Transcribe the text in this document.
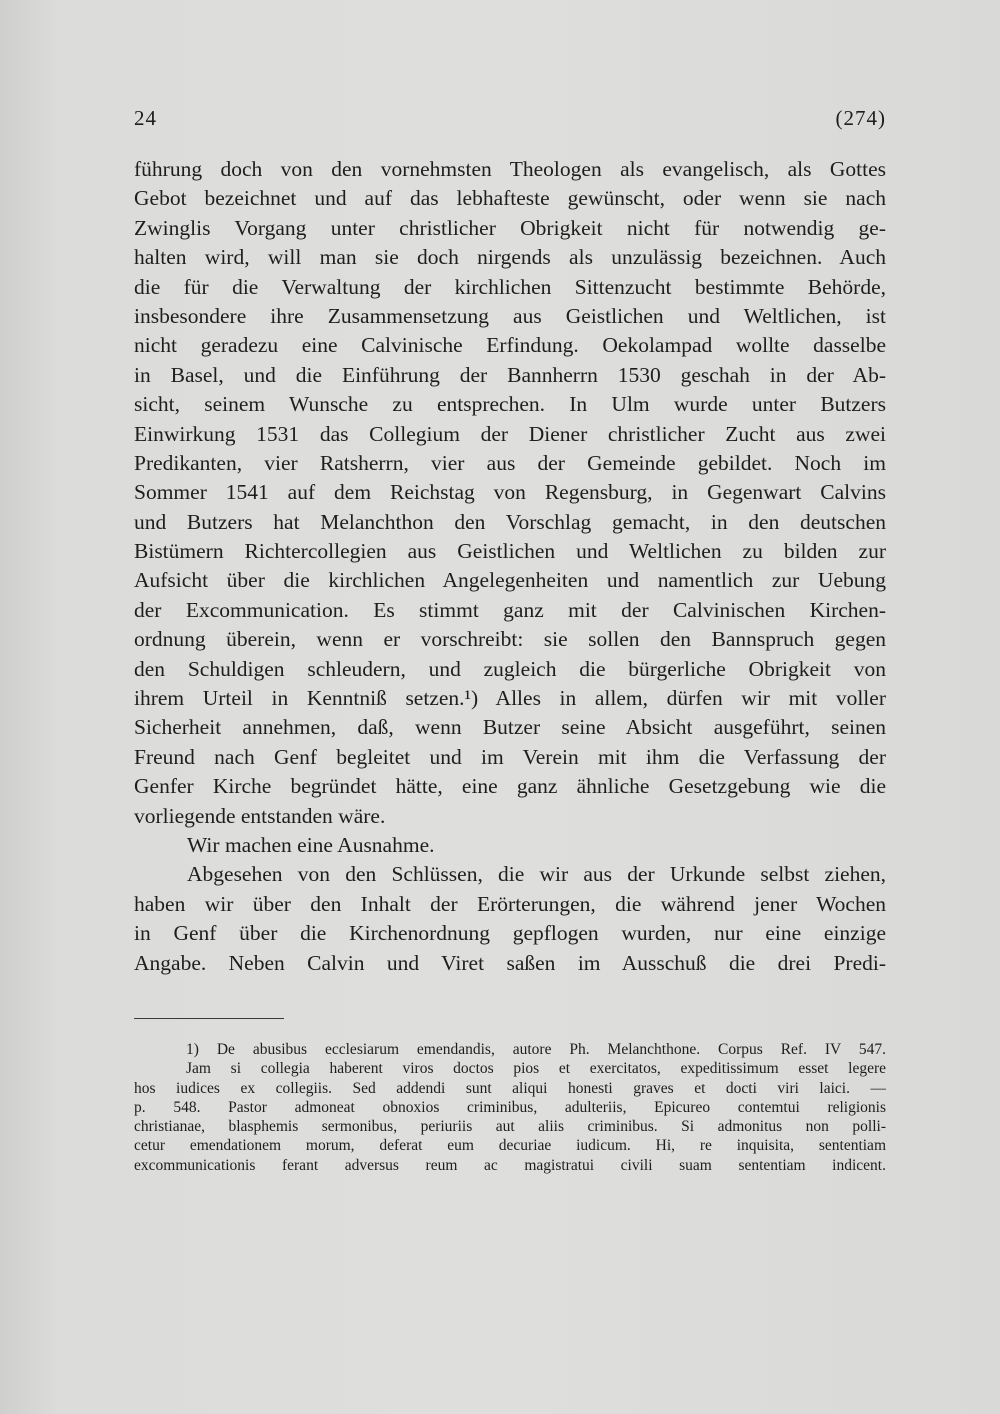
24	(274)
führung doch von den vornehmsten Theologen als evangelisch, als Gottes
Gebot bezeichnet und auf das lebhafteste gewünscht, oder wenn sie nach
Zwinglis Vorgang unter christlicher Obrigkeit nicht für notwendig ge-
halten wird, will man sie doch nirgends als unzulässig bezeichnen. Auch
die für die Verwaltung der kirchlichen Sittenzucht bestimmte Behörde,
insbesondere ihre Zusammensetzung aus Geistlichen und Weltlichen, ist
nicht geradezu eine Calvinische Erfindung. Oekolampad wollte dasselbe
in Basel, und die Einführung der Bannherrn 1530 geschah in der Ab-
sicht, seinem Wunsche zu entsprechen. In Ulm wurde unter Butzers
Einwirkung 1531 das Collegium der Diener christlicher Zucht aus zwei
Predikanten, vier Ratsherrn, vier aus der Gemeinde gebildet. Noch im
Sommer 1541 auf dem Reichstag von Regensburg, in Gegenwart Calvins
und Butzers hat Melanchthon den Vorschlag gemacht, in den deutschen
Bistümern Richtercollegien aus Geistlichen und Weltlichen zu bilden zur
Aufsicht über die kirchlichen Angelegenheiten und namentlich zur Uebung
der Excommunication. Es stimmt ganz mit der Calvinischen Kirchen-
ordnung überein, wenn er vorschreibt: sie sollen den Bannspruch gegen
den Schuldigen schleudern, und zugleich die bürgerliche Obrigkeit von
ihrem Urteil in Kenntniß setzen.¹) Alles in allem, dürfen wir mit voller
Sicherheit annehmen, daß, wenn Butzer seine Absicht ausgeführt, seinen
Freund nach Genf begleitet und im Verein mit ihm die Verfassung der
Genfer Kirche begründet hätte, eine ganz ähnliche Gesetzgebung wie die
vorliegende entstanden wäre.
Wir machen eine Ausnahme.
Abgesehen von den Schlüssen, die wir aus der Urkunde selbst ziehen,
haben wir über den Inhalt der Erörterungen, die während jener Wochen
in Genf über die Kirchenordnung gepflogen wurden, nur eine einzige
Angabe. Neben Calvin und Viret saßen im Ausschuß die drei Predi-
1) De abusibus ecclesiarum emendandis, autore Ph. Melanchthone. Corpus Ref. IV 547.
Jam si collegia haberent viros doctos pios et exercitatos, expeditissimum esset legere
hos iudices ex collegiis. Sed addendi sunt aliqui honesti graves et docti viri laici. —
p. 548. Pastor admoneat obnoxios criminibus, adulteriis, Epicureo contemtui religionis
christianae, blasphemis sermonibus, periuriis aut aliis criminibus. Si admonitus non polli-
cetur emendationem morum, deferat eum decuriae iudicum. Hi, re inquisita, sententiam
excommunicationis ferant adversus reum ac magistratui civili suam sententiam indicent.
